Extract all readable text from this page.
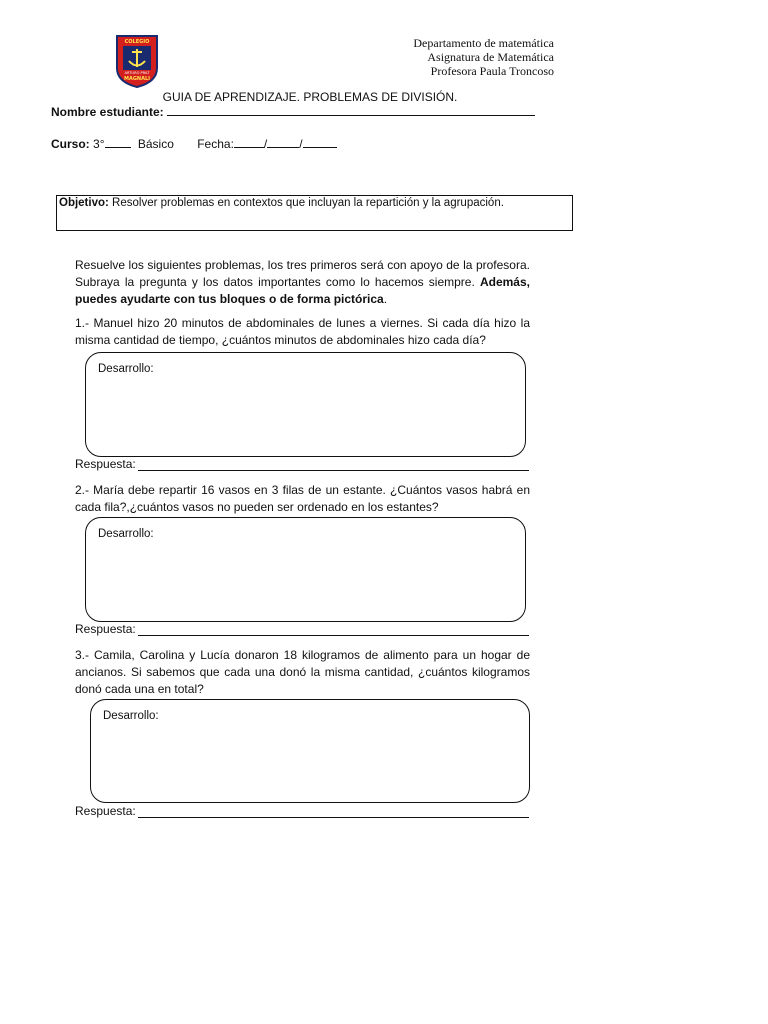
COLEGIO
MAGNALI
ARTURO PRAT
Departamento de matemática
Asignatura de Matemática
Profesora Paula Troncoso
GUIA DE APRENDIZAJE. PROBLEMAS DE DIVISIÓN.
Nombre estudiante:
Curso: 3°	Básico Fecha:	/	/
Objetivo: Resolver problemas en contextos que incluyan la repartición y la agrupación.
Resuelve los siguientes problemas, los tres primeros será con apoyo de la profesora. Subraya la pregunta y los datos importantes como lo hacemos siempre. Además, puedes ayudarte con tus bloques o de forma pictórica.
1.- Manuel hizo 20 minutos de abdominales de lunes a viernes. Si cada día hizo la misma cantidad de tiempo, ¿cuántos minutos de abdominales hizo cada día?
Desarrollo:
Respuesta:
2.- María debe repartir 16 vasos en 3 filas de un estante. ¿Cuántos vasos habrá en cada fila?,¿cuántos vasos no pueden ser ordenado en los estantes?
Desarrollo:
Respuesta:
3.- Camila, Carolina y Lucía donaron 18 kilogramos de alimento para un hogar de ancianos. Si sabemos que cada una donó la misma cantidad, ¿cuántos kilogramos donó cada una en total?
Desarrollo:
Respuesta:
